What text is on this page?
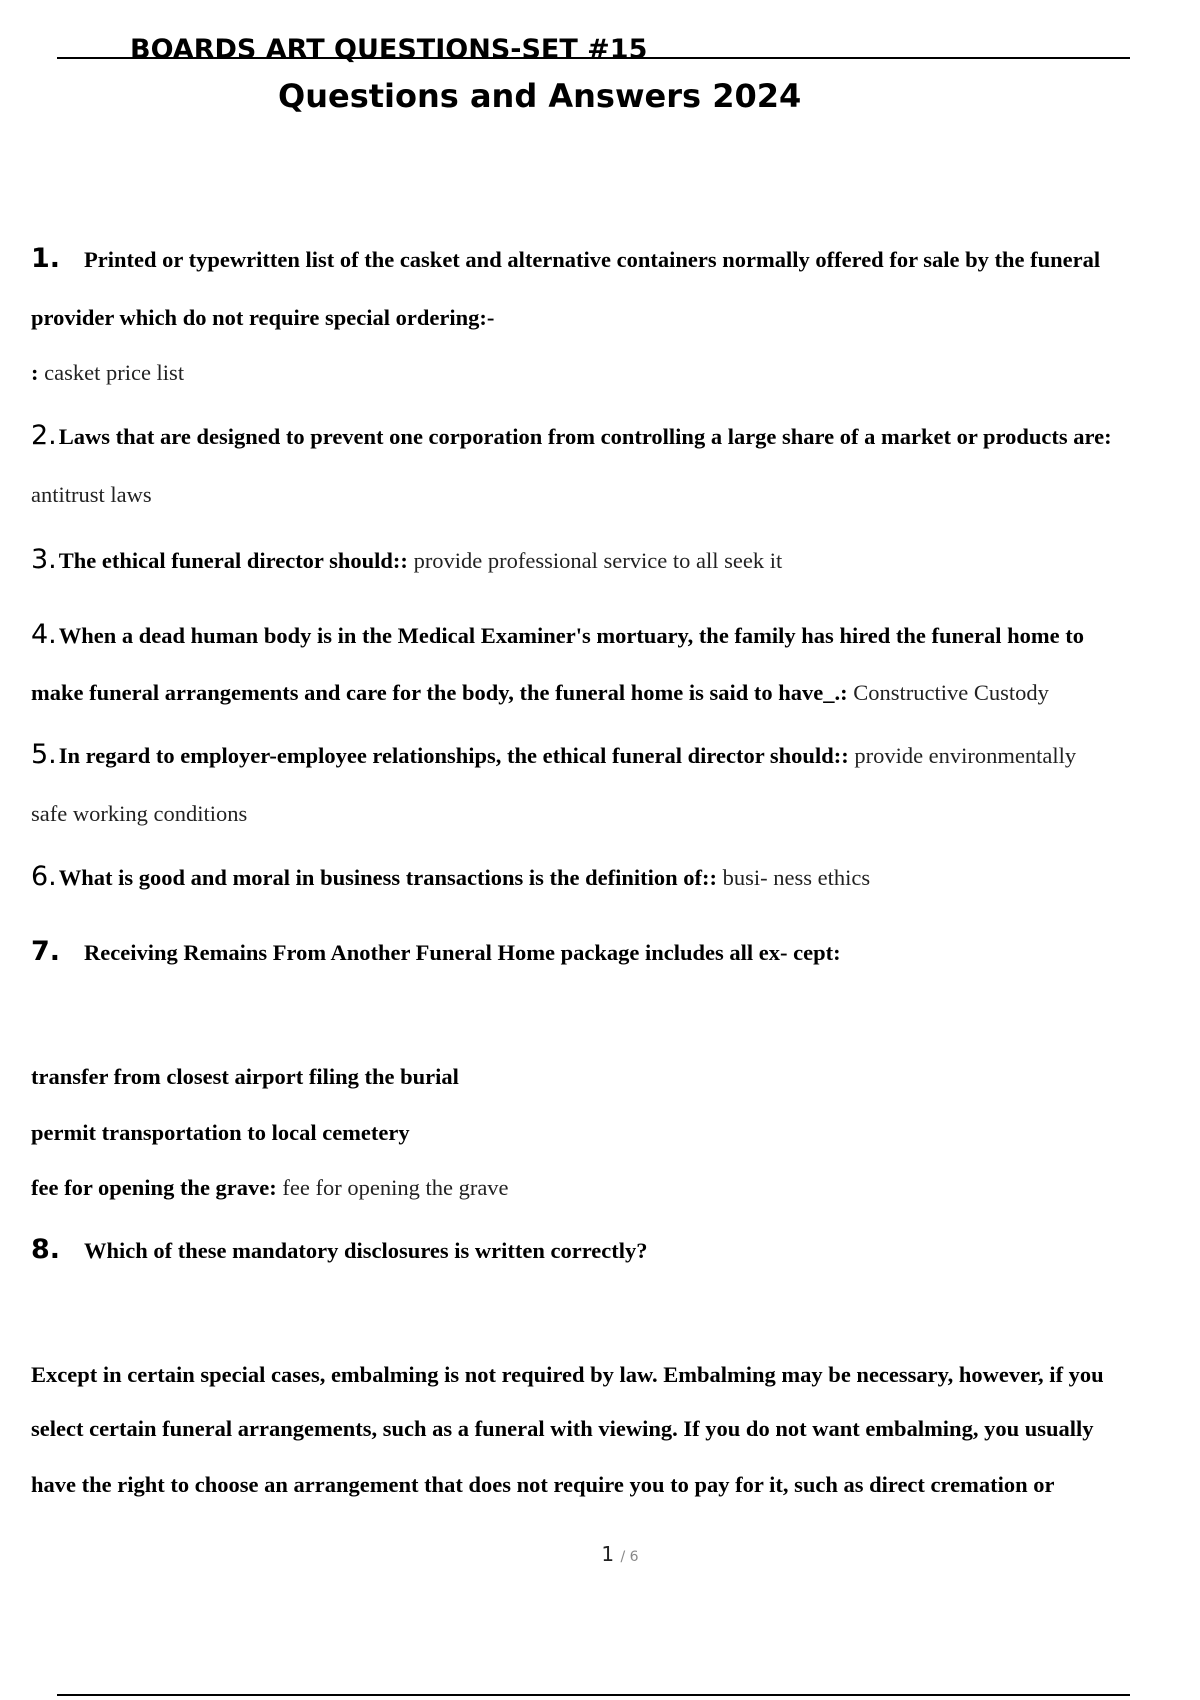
BOARDS ART QUESTIONS-SET #15
Questions and Answers 2024
1. Printed or typewritten list of the casket and alternative containers normally offered for sale by the funeral
provider which do not require special ordering:-
: casket price list
2.Laws that are designed to prevent one corporation from controlling a large share of a market or products are:
antitrust laws
3.The ethical funeral director should:: provide professional service to all seek it
4.When a dead human body is in the Medical Examiner's mortuary, the family has hired the funeral home to
make funeral arrangements and care for the body, the funeral home is said to have_.: Constructive Custody
5.In regard to employer-employee relationships, the ethical funeral director should:: provide environmentally
safe working conditions
6.What is good and moral in business transactions is the definition of:: busi- ness ethics
7. Receiving Remains From Another Funeral Home package includes all ex- cept:
transfer from closest airport filing the burial
permit transportation to local cemetery
fee for opening the grave: fee for opening the grave
8. Which of these mandatory disclosures is written correctly?
Except in certain special cases, embalming is not required by law. Embalming may be necessary, however, if you
select certain funeral arrangements, such as a funeral with viewing. If you do not want embalming, you usually
have the right to choose an arrangement that does not require you to pay for it, such as direct cremation or
1 / 6
